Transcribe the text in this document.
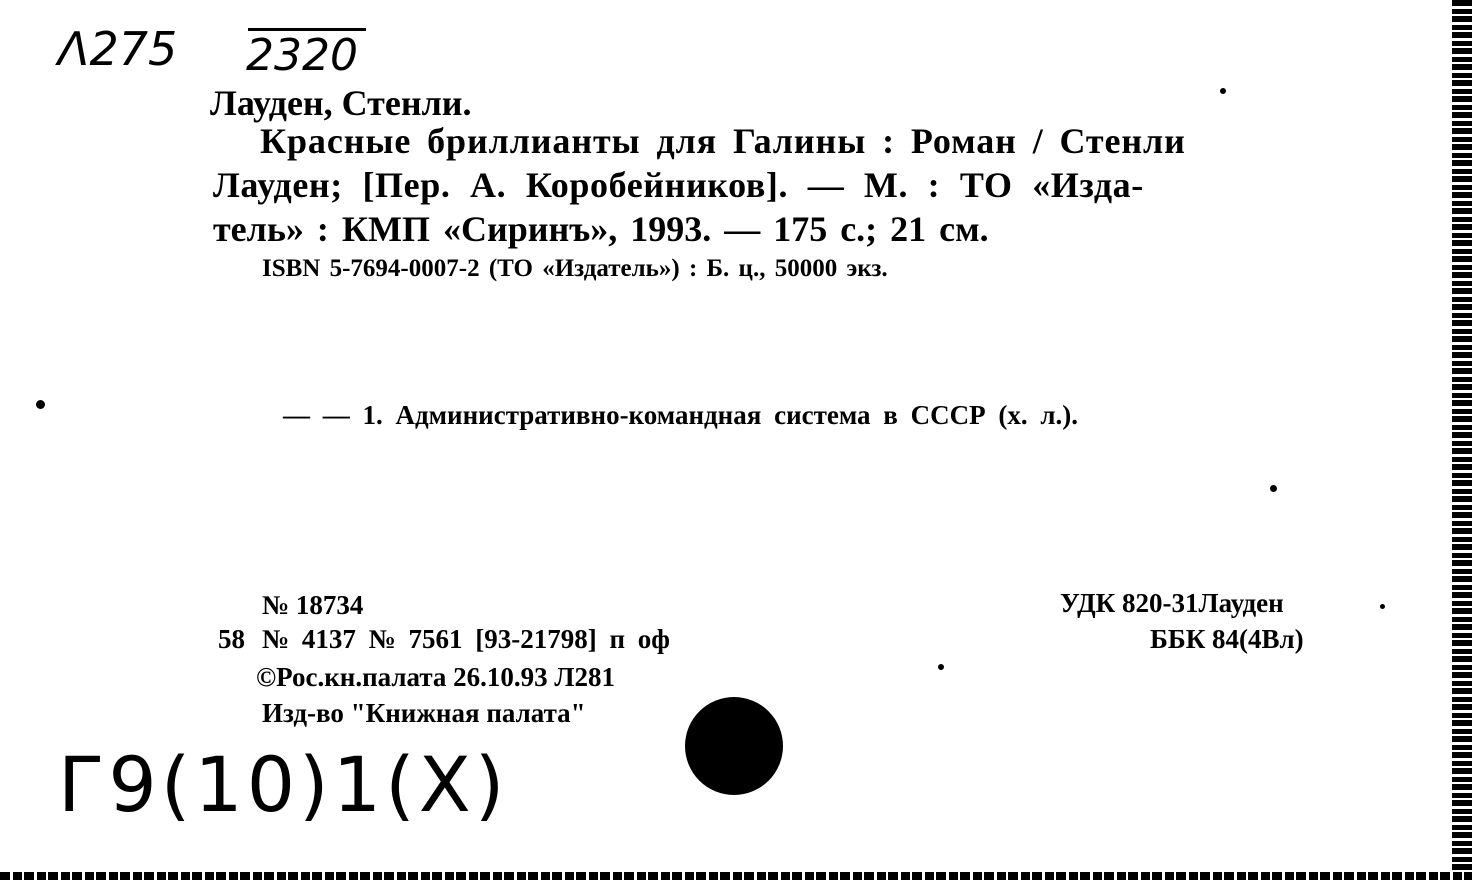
Λ275 2320
Лауден, Стенли.
Красные бриллианты для Галины : Роман / Стенли
Лауден; [Пер. А. Коробейников]. — М. : ТО «Изда-
тель» : КМП «Сиринъ», 1993. — 175 с.; 21 см.
ISBN 5-7694-0007-2 (ТО «Издатель») : Б. ц., 50000 экз.
— — 1. Административно-командная система в СССР (х. л.).
№ 18734
58 № 4137 № 7561 [93-21798] п оф
©Рос.кн.палата 26.10.93 Л281
Изд-во "Книжная палата"
УДК 820-31Лауден
ББК 84(4Вл)
Г9(10)1(Х)
